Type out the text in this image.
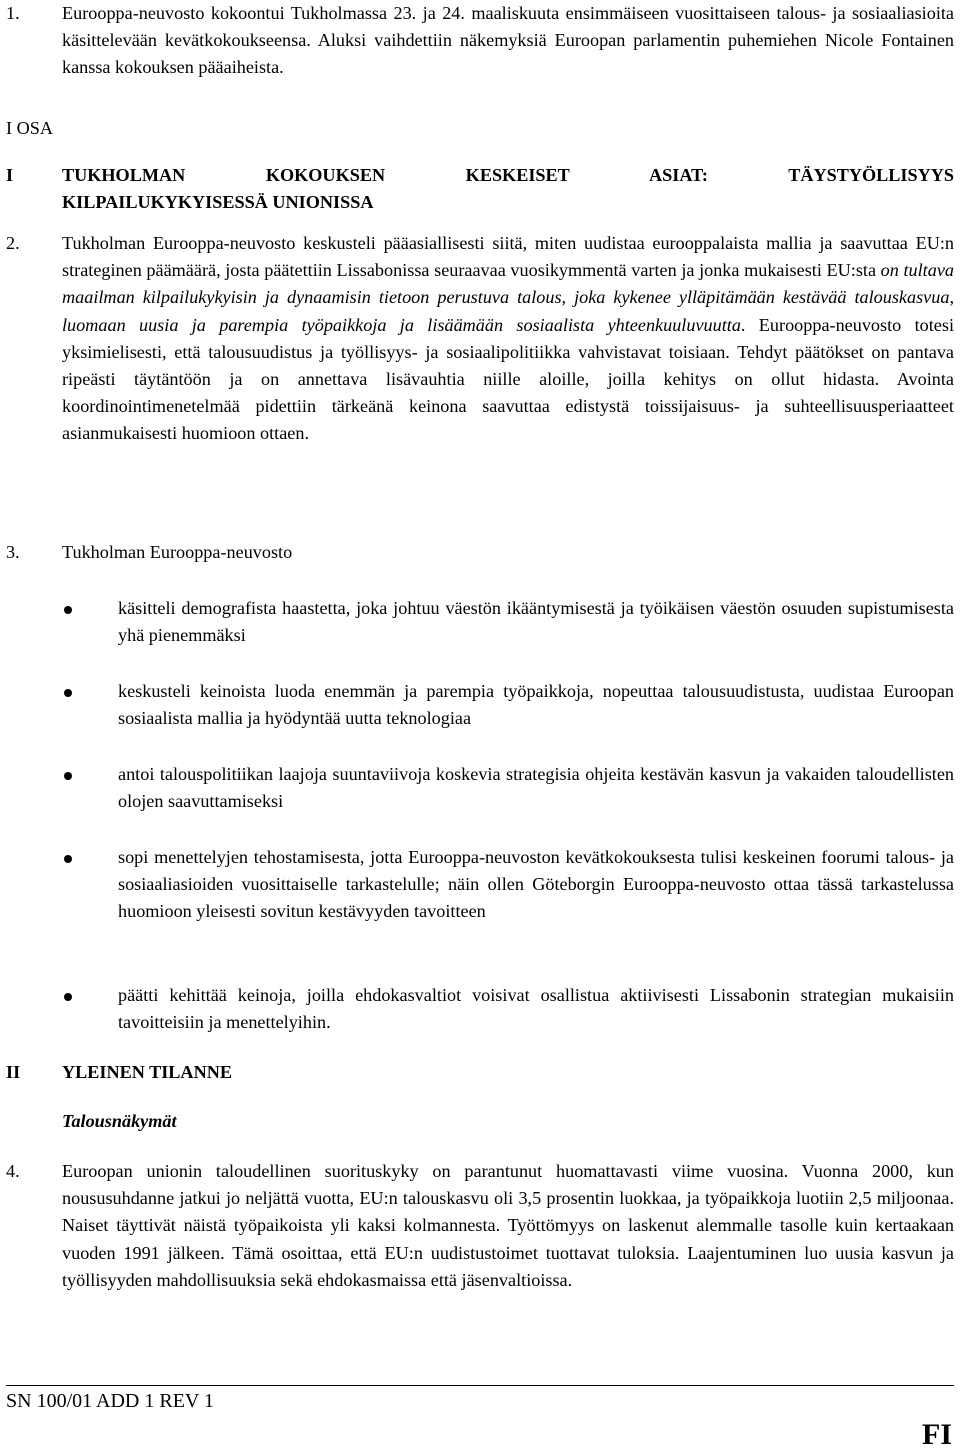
1.	Eurooppa-neuvosto kokoontui Tukholmassa 23. ja 24. maaliskuuta ensimmäiseen vuosittaiseen talous- ja sosiaaliasioita käsittelevään kevätkokoukseensa. Aluksi vaihdettiin näkemyksiä Euroopan parlamentin puhemiehen Nicole Fontainen kanssa kokouksen pääaiheista.
I OSA
I	TUKHOLMAN KOKOUKSEN KESKEISET ASIAT: TÄYSTYÖLLISYYS
KILPAILUKYKYISESSÄ UNIONISSA
2.	Tukholman Eurooppa-neuvosto keskusteli pääasiallisesti siitä, miten uudistaa eurooppalaista mallia ja saavuttaa EU:n strateginen päämäärä, josta päätettiin Lissabonissa seuraavaa vuosikymmentä varten ja jonka mukaisesti EU:sta on tultava maailman kilpailukykyisin ja dynaamisin tietoon perustuva talous, joka kykenee ylläpitämään kestävää talouskasvua, luomaan uusia ja parempia työpaikkoja ja lisäämään sosiaalista yhteenkuuluvuutta. Eurooppa-neuvosto totesi yksimielisesti, että talousuudistus ja työllisyys- ja sosiaalipolitiikka vahvistavat toisiaan. Tehdyt päätökset on pantava ripeästi täytäntöön ja on annettava lisävauhtia niille aloille, joilla kehitys on ollut hidasta. Avointa koordinointimenetelmää pidettiin tärkeänä keinona saavuttaa edistystä toissijaisuus- ja suhteellisuusperiaatteet asianmukaisesti huomioon ottaen.
3.	Tukholman Eurooppa-neuvosto
käsitteli demografista haastetta, joka johtuu väestön ikääntymisestä ja työikäisen väestön osuuden supistumisesta yhä pienemmäksi
keskusteli keinoista luoda enemmän ja parempia työpaikkoja, nopeuttaa talousuudistusta, uudistaa Euroopan sosiaalista mallia ja hyödyntää uutta teknologiaa
antoi talouspolitiikan laajoja suuntaviivoja koskevia strategisia ohjeita kestävän kasvun ja vakaiden taloudellisten olojen saavuttamiseksi
sopi menettelyjen tehostamisesta, jotta Eurooppa-neuvoston kevätkokouksesta tulisi keskeinen foorumi talous- ja sosiaaliasioiden vuosittaiselle tarkastelulle; näin ollen Göteborgin Eurooppa-neuvosto ottaa tässä tarkastelussa huomioon yleisesti sovitun kestävyyden tavoitteen
päätti kehittää keinoja, joilla ehdokasvaltiot voisivat osallistua aktiivisesti Lissabonin strategian mukaisiin tavoitteisiin ja menettelyihin.
II	YLEINEN TILANNE
Talousnäkymät
4.	Euroopan unionin taloudellinen suorituskyky on parantunut huomattavasti viime vuosina. Vuonna 2000, kun noususuhdanne jatkui jo neljättä vuotta, EU:n talouskasvu oli 3,5 prosentin luokkaa, ja työpaikkoja luotiin 2,5 miljoonaa. Naiset täyttivät näistä työpaikoista yli kaksi kolmannesta. Työttömyys on laskenut alemmalle tasolle kuin kertaakaan vuoden 1991 jälkeen. Tämä osoittaa, että EU:n uudistustoimet tuottavat tuloksia. Laajentuminen luo uusia kasvun ja työllisyyden mahdollisuuksia sekä ehdokasmaissa että jäsenvaltioissa.
SN 100/01 ADD 1 REV 1
FI
